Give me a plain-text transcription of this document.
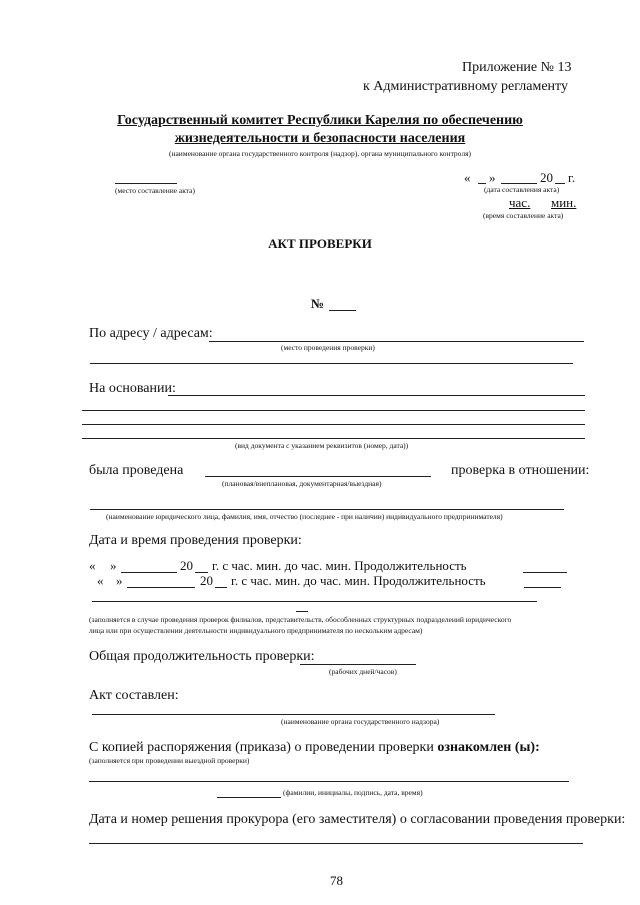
Приложение № 13
к Административному регламенту
Государственный комитет Республики Карелия по обеспечению
жизнедеятельности и безопасности населения
(наименование органа государственного контроля (надзор), органа муниципального контроля)
(место составление акта)
« »	20 г.
(дата составления акта)
час. мин.
(время составление акта)
АКТ ПРОВЕРКИ
№
По адресу / адресам:
(место проведения проверки)
На основании:
(вид документа с указанием реквизитов (номер, дата))
была проведена	проверка в отношении:
(плановая/внеплановая, документарная/выездная)
(наименование юридического лица, фамилия, имя, отчество (последнее - при наличии) индивидуального предпринимателя)
Дата и время проведения проверки:
« »	20 г. с час. мин. до час. мин. Продолжительность
« »	20 г. с час. мин. до час. мин. Продолжительность
(заполняется в случае проведения проверок филиалов, представительств, обособленных структурных подразделений юридического
лица или при осуществлении деятельности индивидуального предпринимателя по нескольким адресам)
Общая продолжительность проверки:
(рабочих дней/часов)
Акт составлен:
(наименование органа государственного надзора)
С копией распоряжения (приказа) о проведении проверки ознакомлен (ы):
(заполняется при проведении выездной проверки)
(фамилии, инициалы, подпись, дата, время)
Дата и номер решения прокурора (его заместителя) о согласовании проведения проверки:
78
